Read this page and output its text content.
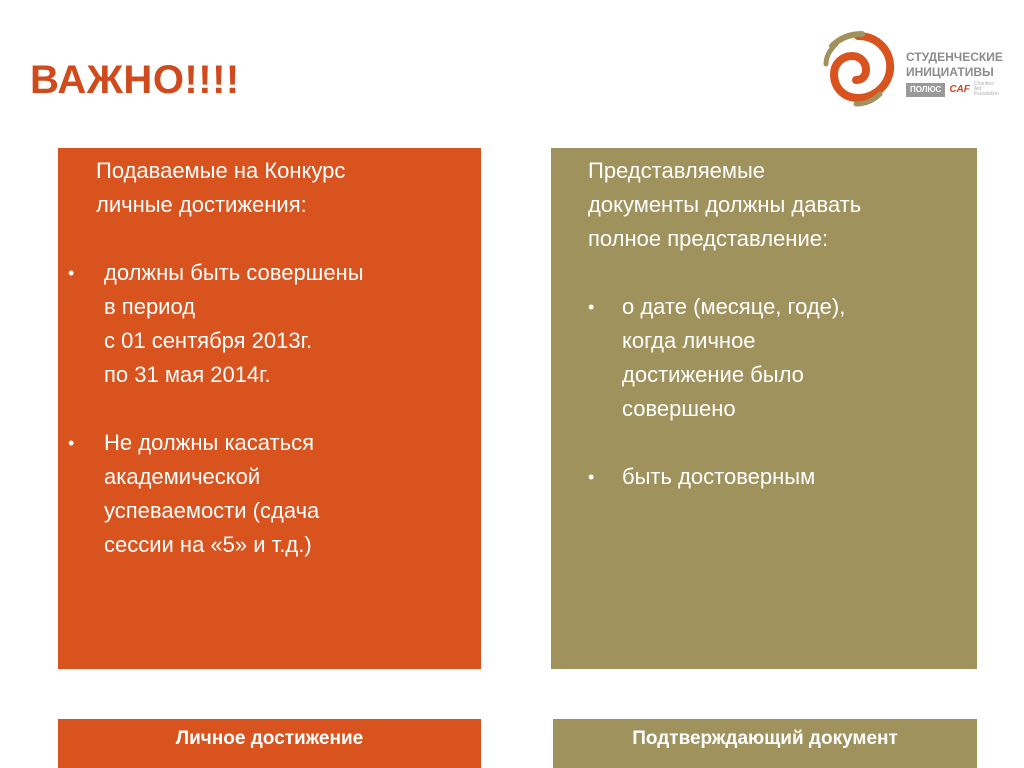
ВАЖНО!!!!
СТУДЕНЧЕСКИЕ
ИНИЦИАТИВЫ
ПОЛЮС CAF Charities Aid Foundation
Подаваемые на Конкурс
личные достижения:
• должны быть совершены
в период
с 01 сентября 2013г.
по 31 мая 2014г.
• Не должны касаться
академической
успеваемости (сдача
сессии на «5» и т.д.)
Представляемые
документы должны давать
полное представление:
• о дате (месяце, годе),
когда личное
достижение было
совершено
• быть достоверным
Личное достижение	Подтверждающий документ
